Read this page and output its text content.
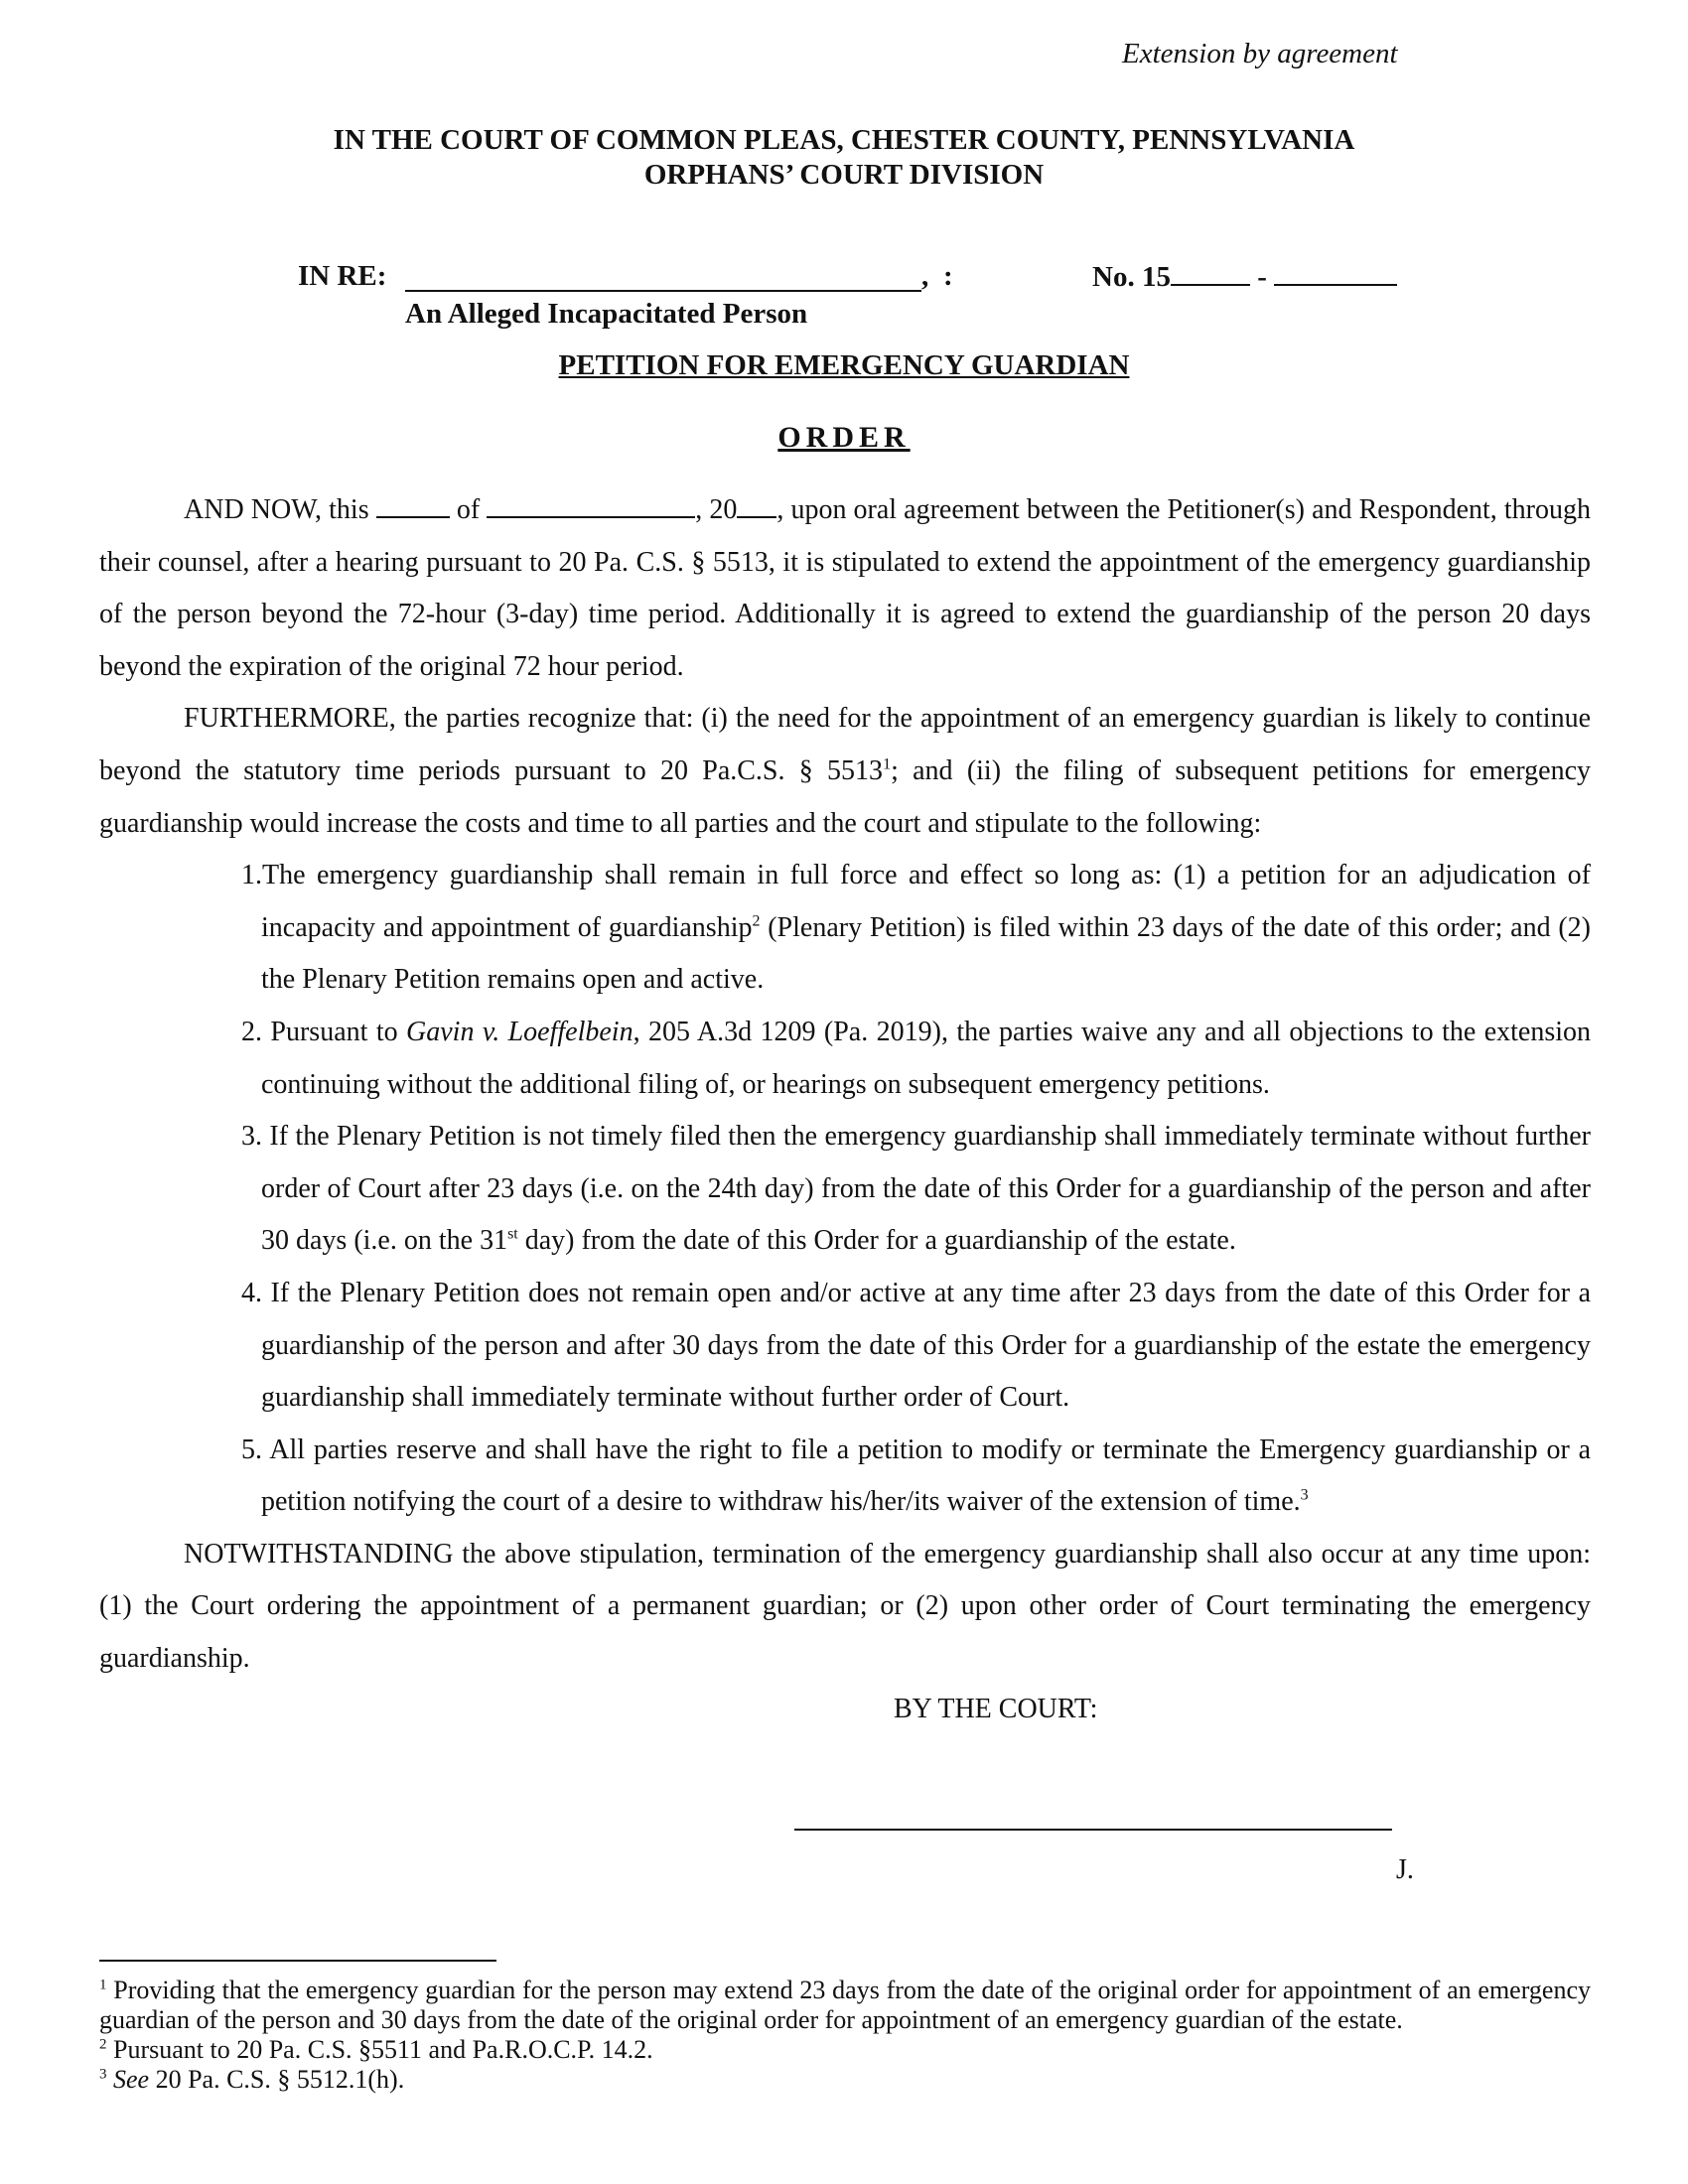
Extension by agreement
IN THE COURT OF COMMON PLEAS, CHESTER COUNTY, PENNSYLVANIA
ORPHANS’ COURT DIVISION
IN RE:	, :	No. 15	-
An Alleged Incapacitated Person
PETITION FOR EMERGENCY GUARDIAN
ORDER

AND NOW, this	of	, 20 , upon oral agreement between the Petitioner(s) and Respondent, through their counsel, after a hearing pursuant to 20 Pa. C.S. § 5513, it is stipulated to extend the appointment of the emergency guardianship of the person beyond the 72-hour (3-day) time period. Additionally it is agreed to extend the guardianship of the person 20 days beyond the expiration of the original 72 hour period.

FURTHERMORE, the parties recognize that: (i) the need for the appointment of an emergency guardian is likely to continue beyond the statutory time periods pursuant to 20 Pa.C.S. § 5513$^1$; and (ii) the filing of subsequent petitions for emergency guardianship would increase the costs and time to all parties and the court and stipulate to the following:

1.The emergency guardianship shall remain in full force and effect so long as: (1) a petition for an adjudication of incapacity and appointment of guardianship$^2$ (Plenary Petition) is filed within 23 days of the date of this order; and (2) the Plenary Petition remains open and active.
2. Pursuant to Gavin v. Loeffelbein, 205 A.3d 1209 (Pa. 2019), the parties waive any and all objections to the extension continuing without the additional filing of, or hearings on subsequent emergency petitions.
3. If the Plenary Petition is not timely filed then the emergency guardianship shall immediately terminate without further order of Court after 23 days (i.e. on the 24th day) from the date of this Order for a guardianship of the person and after 30 days (i.e. on the 31st day) from the date of this Order for a guardianship of the estate.
4. If the Plenary Petition does not remain open and/or active at any time after 23 days from the date of this Order for a guardianship of the person and after 30 days from the date of this Order for a guardianship of the estate the emergency guardianship shall immediately terminate without further order of Court.
5. All parties reserve and shall have the right to file a petition to modify or terminate the Emergency guardianship or a petition notifying the court of a desire to withdraw his/her/its waiver of the extension of time.$^3$

NOTWITHSTANDING the above stipulation, termination of the emergency guardianship shall also occur at any time upon: (1) the Court ordering the appointment of a permanent guardian; or (2) upon other order of Court terminating the emergency guardianship.

BY THE COURT:
J.

$^1$ Providing that the emergency guardian for the person may extend 23 days from the date of the original order for appointment of an emergency guardian of the person and 30 days from the date of the original order for appointment of an emergency guardian of the estate.

$^2$ Pursuant to 20 Pa. C.S. §5511 and Pa.R.O.C.P. 14.2.

$^3$ See 20 Pa. C.S. § 5512.1(h).
